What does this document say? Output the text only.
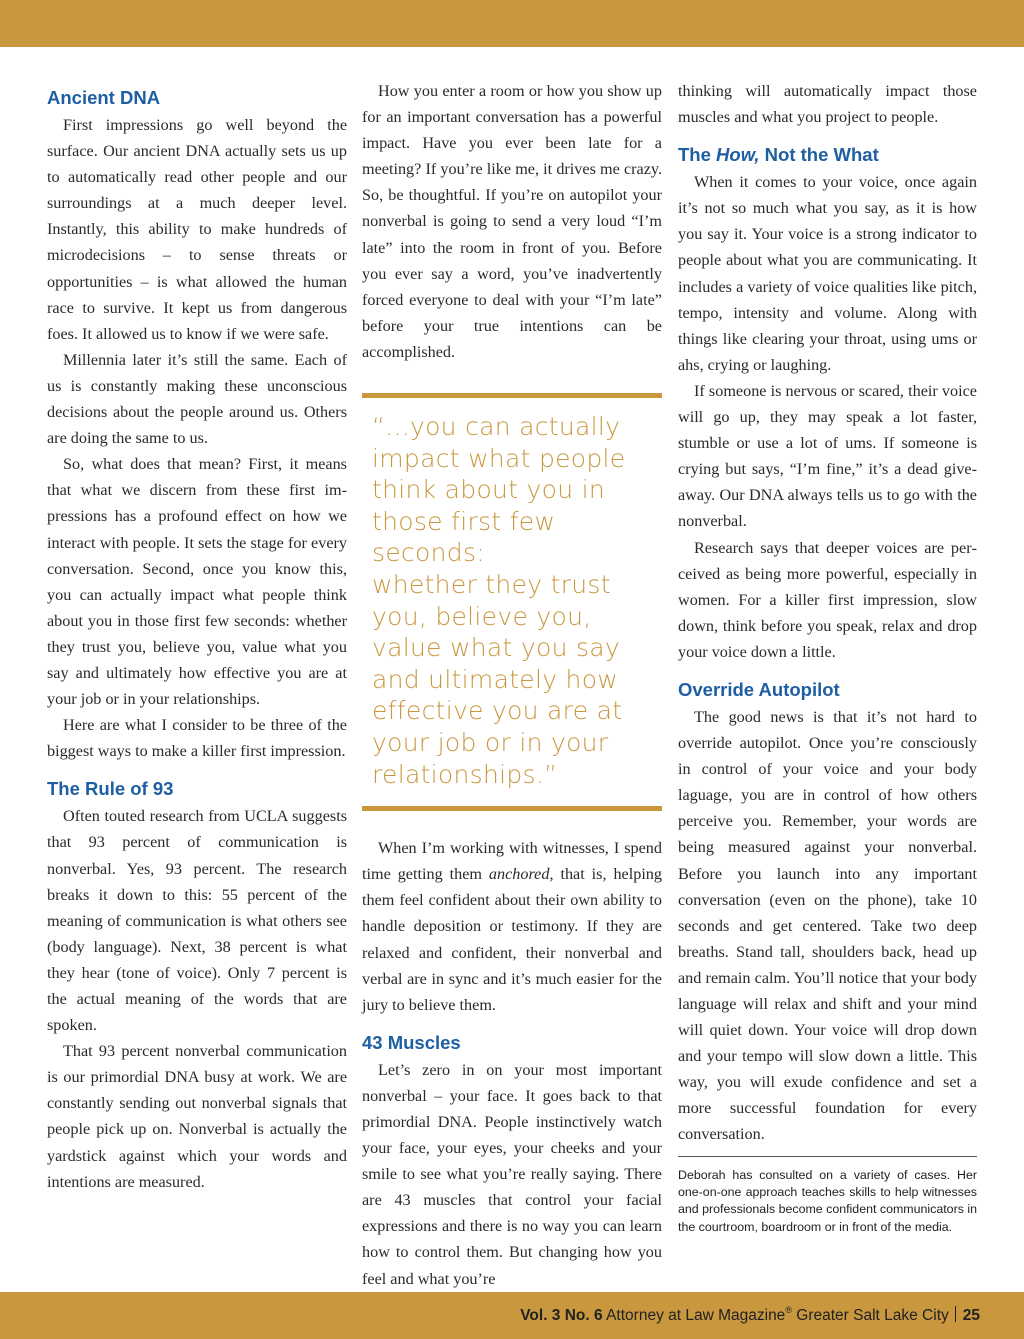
Ancient DNA

First impressions go well beyond the surface. Our ancient DNA actually sets us up to automatically read other people and our surroundings at a much deeper level. Instantly, this ability to make hundreds of microdecisions – to sense threats or opportunities – is what allowed the human race to survive. It kept us from dangerous foes. It allowed us to know if we were safe.

Millennia later it’s still the same. Each of us is constantly making these unconscious decisions about the people around us. Others are doing the same to us.

So, what does that mean? First, it means that what we discern from these first impressions has a profound effect on how we interact with people. It sets the stage for every conversation. Second, once you know this, you can actually impact what people think about you in those first few seconds: whether they trust you, believe you, value what you say and ultimately how effective you are at your job or in your relationships.

Here are what I consider to be three of the biggest ways to make a killer first impression.

The Rule of 93

Often touted research from UCLA suggests that 93 percent of communication is nonverbal. Yes, 93 percent. The research breaks it down to this: 55 percent of the meaning of communication is what others see (body language). Next, 38 percent is what they hear (tone of voice). Only 7 percent is the actual meaning of the words that are spoken.

That 93 percent nonverbal communication is our primordial DNA busy at work. We are constantly sending out nonverbal signals that people pick up on. Nonverbal is actually the yardstick against which your words and intentions are measured.

How you enter a room or how you show up for an important conversation has a powerful impact. Have you ever been late for a meeting? If you’re like me, it drives me crazy. So, be thoughtful. If you’re on autopilot your nonverbal is going to send a very loud “I’m late” into the room in front of you. Before you ever say a word, you’ve inadvertently forced everyone to deal with your “I’m late” before your true intentions can be accomplished.

“...you can actually
impact what people
think about you in
those first few seconds:
whether they trust
you, believe you,
value what you say
and ultimately how
effective you are at
your job or in your
relationships.”

When I’m working with witnesses, I spend time getting them anchored, that is, helping them feel confident about their own ability to handle deposition or testimony. If they are relaxed and confident, their nonverbal and verbal are in sync and it’s much easier for the jury to believe them.

43 Muscles

Let’s zero in on your most important nonverbal – your face. It goes back to that primordial DNA. People instinctively watch your face, your eyes, your cheeks and your smile to see what you’re really saying. There are 43 muscles that control your facial expressions and there is no way you can learn how to control them. But changing how you feel and what you’re

thinking will automatically impact those muscles and what you project to people.

The How, Not the What

When it comes to your voice, once again it’s not so much what you say, as it is how you say it. Your voice is a strong indicator to people about what you are communicating. It includes a variety of voice qualities like pitch, tempo, intensity and volume. Along with things like clearing your throat, using ums or ahs, crying or laughing.

If someone is nervous or scared, their voice will go up, they may speak a lot faster, stumble or use a lot of ums. If someone is crying but says, “I’m fine,” it’s a dead giveaway. Our DNA always tells us to go with the nonverbal.

Research says that deeper voices are perceived as being more powerful, especially in women. For a killer first impression, slow down, think before you speak, relax and drop your voice down a little.

Override Autopilot

The good news is that it’s not hard to override autopilot. Once you’re consciously in control of your voice and your body laguage, you are in control of how others perceive you. Remember, your words are being measured against your nonverbal. Before you launch into any important conversation (even on the phone), take 10 seconds and get centered. Take two deep breaths. Stand tall, shoulders back, head up and remain calm. You’ll notice that your body language will relax and shift and your mind will quiet down. Your voice will drop down and your tempo will slow down a little. This way, you will exude confidence and set a more successful foundation for every conversation.

Deborah has consulted on a variety of cases. Her one-on-one approach teaches skills to help witnesses and professionals become confident communicators in the courtroom, boardroom or in front of the media.
Vol. 3 No. 6 Attorney at Law Magazine® Greater Salt Lake City 25
